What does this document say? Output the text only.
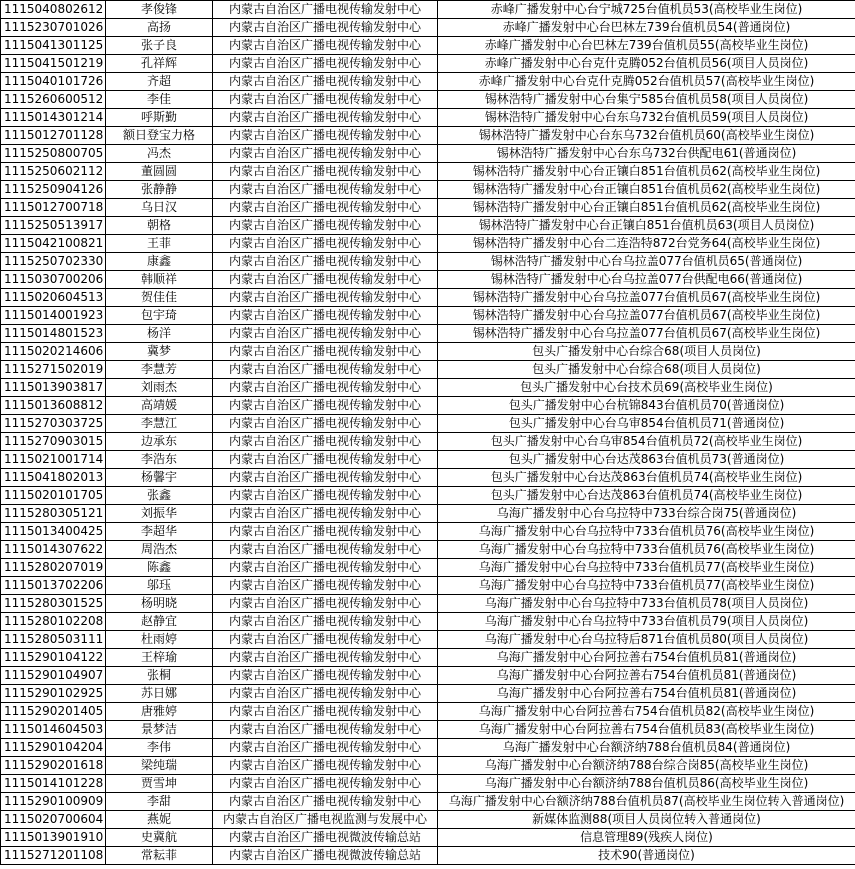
1115040802612	孝俊锋	内蒙古自治区广播电视传输发射中心	赤峰广播发射中心台宁城725台值机员53(高校毕业生岗位)
1115230701026	高扬	内蒙古自治区广播电视传输发射中心	赤峰广播发射中心台巴林左739台值机员54(普通岗位)
1115041301125	张子良	内蒙古自治区广播电视传输发射中心	赤峰广播发射中心台巴林左739台值机员55(高校毕业生岗位)
1115041501219	孔祥辉	内蒙古自治区广播电视传输发射中心	赤峰广播发射中心台克什克腾052台值机员56(项目人员岗位)
1115040101726	齐超	内蒙古自治区广播电视传输发射中心	赤峰广播发射中心台克什克腾052台值机员57(高校毕业生岗位)
1115260600512	李佳	内蒙古自治区广播电视传输发射中心	锡林浩特广播发射中心台集宁585台值机员58(项目人员岗位)
1115014301214	呼斯勤	内蒙古自治区广播电视传输发射中心	锡林浩特广播发射中心台东乌732台值机员59(项目人员岗位)
1115012701128	额日登宝力格	内蒙古自治区广播电视传输发射中心	锡林浩特广播发射中心台东乌732台值机员60(高校毕业生岗位)
1115250800705	冯杰	内蒙古自治区广播电视传输发射中心	锡林浩特广播发射中心台东乌732台供配电61(普通岗位)
1115250602112	董圆圆	内蒙古自治区广播电视传输发射中心	锡林浩特广播发射中心台正镶白851台值机员62(高校毕业生岗位)
1115250904126	张静静	内蒙古自治区广播电视传输发射中心	锡林浩特广播发射中心台正镶白851台值机员62(高校毕业生岗位)
1115012700718	乌日汉	内蒙古自治区广播电视传输发射中心	锡林浩特广播发射中心台正镶白851台值机员62(高校毕业生岗位)
1115250513917	朝格	内蒙古自治区广播电视传输发射中心	锡林浩特广播发射中心台正镶白851台值机员63(项目人员岗位)
1115042100821	王菲	内蒙古自治区广播电视传输发射中心	锡林浩特广播发射中心台二连浩特872台党务64(高校毕业生岗位)
1115250702330	康鑫	内蒙古自治区广播电视传输发射中心	锡林浩特广播发射中心台乌拉盖077台值机员65(普通岗位)
1115030700206	韩顺祥	内蒙古自治区广播电视传输发射中心	锡林浩特广播发射中心台乌拉盖077台供配电66(普通岗位)
1115020604513	贺佳佳	内蒙古自治区广播电视传输发射中心	锡林浩特广播发射中心台乌拉盖077台值机员67(高校毕业生岗位)
1115014001923	包宇琦	内蒙古自治区广播电视传输发射中心	锡林浩特广播发射中心台乌拉盖077台值机员67(高校毕业生岗位)
1115014801523	杨洋	内蒙古自治区广播电视传输发射中心	锡林浩特广播发射中心台乌拉盖077台值机员67(高校毕业生岗位)
1115020214606	冀梦	内蒙古自治区广播电视传输发射中心	包头广播发射中心台综合68(项目人员岗位)
1115271502019	李慧芳	内蒙古自治区广播电视传输发射中心	包头广播发射中心台综合68(项目人员岗位)
1115013903817	刘雨杰	内蒙古自治区广播电视传输发射中心	包头广播发射中心台技术员69(高校毕业生岗位)
1115013608812	高靖媛	内蒙古自治区广播电视传输发射中心	包头广播发射中心台杭锦843台值机员70(普通岗位)
1115270303725	李慧江	内蒙古自治区广播电视传输发射中心	包头广播发射中心台乌审854台值机员71(普通岗位)
1115270903015	边承东	内蒙古自治区广播电视传输发射中心	包头广播发射中心台乌审854台值机员72(高校毕业生岗位)
1115021001714	李浩东	内蒙古自治区广播电视传输发射中心	包头广播发射中心台达茂863台值机员73(普通岗位)
1115041802013	杨馨宇	内蒙古自治区广播电视传输发射中心	包头广播发射中心台达茂863台值机员74(高校毕业生岗位)
1115020101705	张鑫	内蒙古自治区广播电视传输发射中心	包头广播发射中心台达茂863台值机员74(高校毕业生岗位)
1115280305121	刘振华	内蒙古自治区广播电视传输发射中心	乌海广播发射中心台乌拉特中733台综合岗75(普通岗位)
1115013400425	李超华	内蒙古自治区广播电视传输发射中心	乌海广播发射中心台乌拉特中733台值机员76(高校毕业生岗位)
1115014307622	周浩杰	内蒙古自治区广播电视传输发射中心	乌海广播发射中心台乌拉特中733台值机员76(高校毕业生岗位)
1115280207019	陈鑫	内蒙古自治区广播电视传输发射中心	乌海广播发射中心台乌拉特中733台值机员77(高校毕业生岗位)
1115013702206	邬珏	内蒙古自治区广播电视传输发射中心	乌海广播发射中心台乌拉特中733台值机员77(高校毕业生岗位)
1115280301525	杨明晓	内蒙古自治区广播电视传输发射中心	乌海广播发射中心台乌拉特中733台值机员78(项目人员岗位)
1115280102208	赵静宜	内蒙古自治区广播电视传输发射中心	乌海广播发射中心台乌拉特中733台值机员79(项目人员岗位)
1115280503111	杜雨婷	内蒙古自治区广播电视传输发射中心	乌海广播发射中心台乌拉特后871台值机员80(项目人员岗位)
1115290104122	王梓瑜	内蒙古自治区广播电视传输发射中心	乌海广播发射中心台阿拉善右754台值机员81(普通岗位)
1115290104907	张桐	内蒙古自治区广播电视传输发射中心	乌海广播发射中心台阿拉善右754台值机员81(普通岗位)
1115290102925	苏日娜	内蒙古自治区广播电视传输发射中心	乌海广播发射中心台阿拉善右754台值机员81(普通岗位)
1115290201405	唐雅婷	内蒙古自治区广播电视传输发射中心	乌海广播发射中心台阿拉善右754台值机员82(高校毕业生岗位)
1115014604503	景梦洁	内蒙古自治区广播电视传输发射中心	乌海广播发射中心台阿拉善右754台值机员83(高校毕业生岗位)
1115290104204	李伟	内蒙古自治区广播电视传输发射中心	乌海广播发射中心台额济纳788台值机员84(普通岗位)
1115290201618	梁纯瑞	内蒙古自治区广播电视传输发射中心	乌海广播发射中心台额济纳788台综合岗85(高校毕业生岗位)
1115014101228	贾雪坤	内蒙古自治区广播电视传输发射中心	乌海广播发射中心台额济纳788台值机员86(高校毕业生岗位)
1115290100909	李甜	内蒙古自治区广播电视传输发射中心	乌海广播发射中心台额济纳788台值机员87(高校毕业生岗位转入普通岗位)
1115020700604	燕妮	内蒙古自治区广播电视监测与发展中心	新媒体监测88(项目人员岗位转入普通岗位)
1115013901910	史冀航	内蒙古自治区广播电视微波传输总站	信息管理89(残疾人岗位)
1115271201108	常耘菲	内蒙古自治区广播电视微波传输总站	技术90(普通岗位)
